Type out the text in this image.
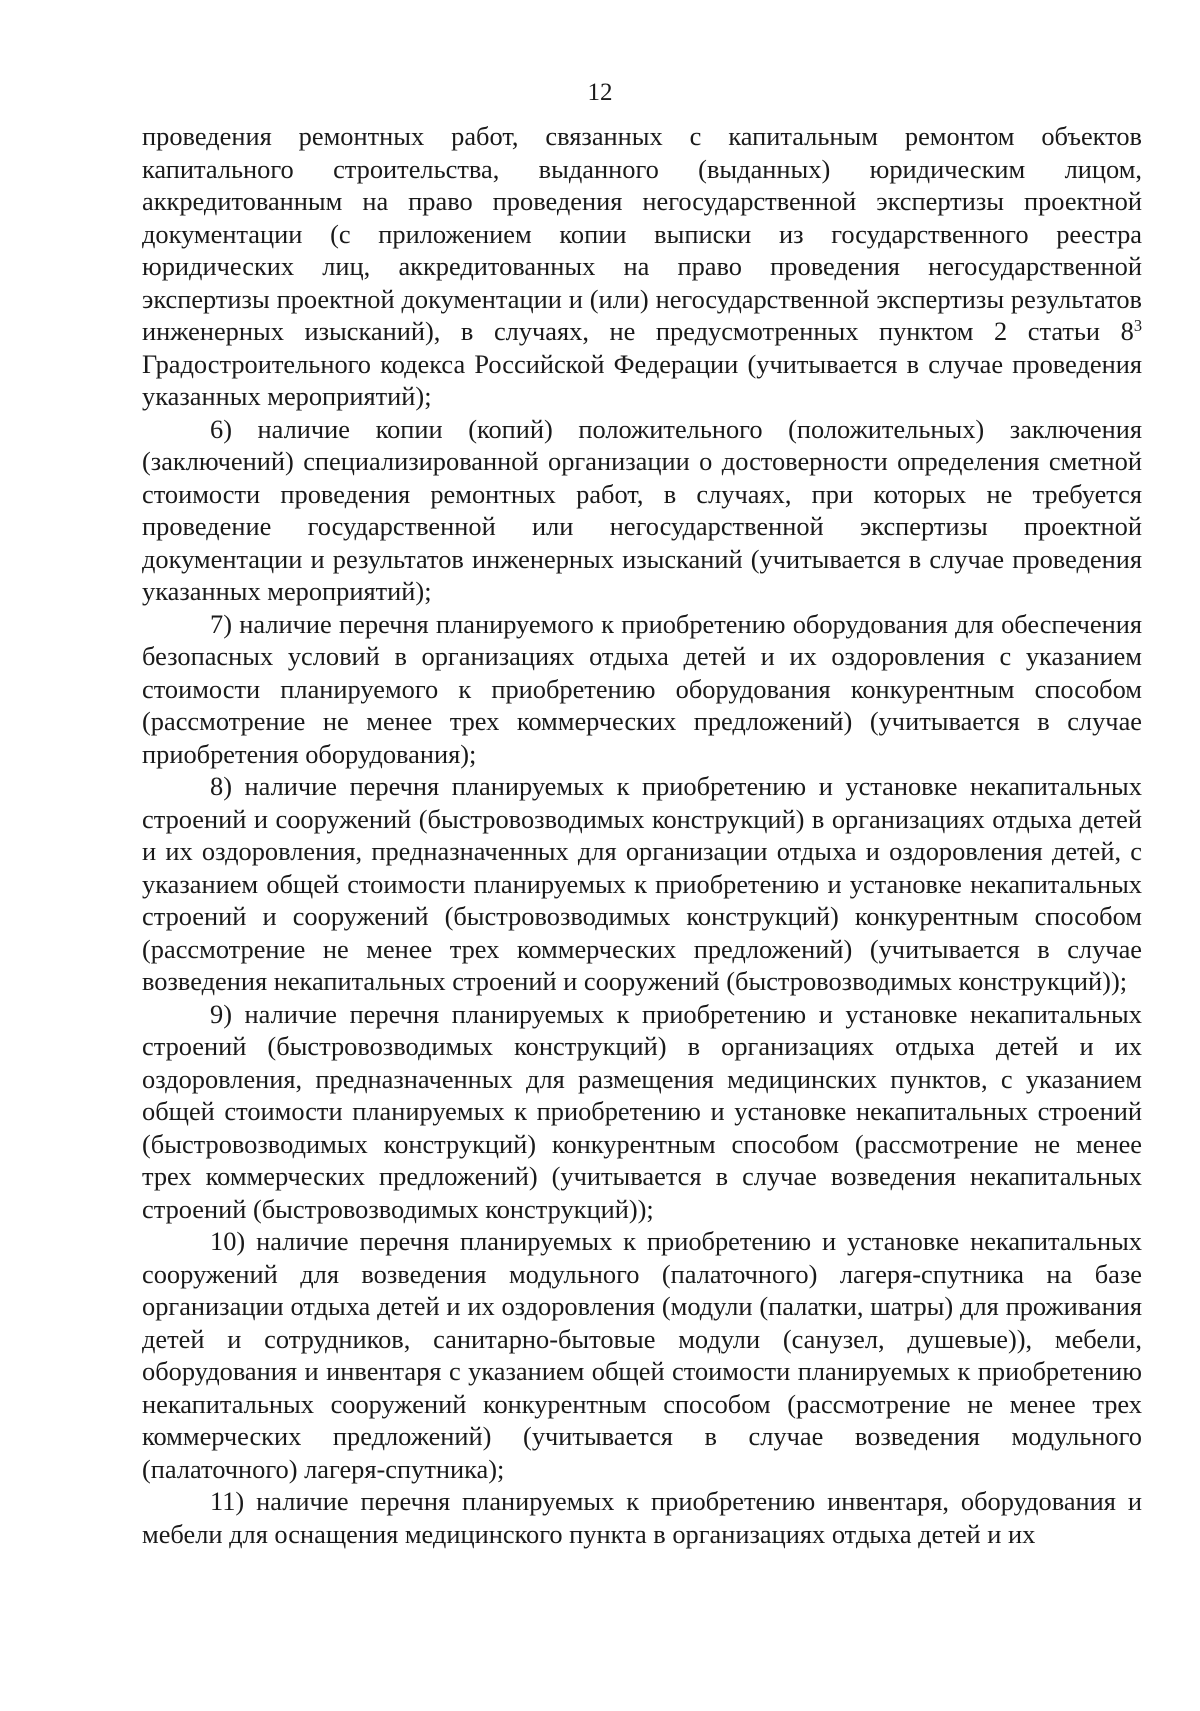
12

проведения ремонтных работ, связанных с капитальным ремонтом объектов капитального строительства, выданного (выданных) юридическим лицом, аккредитованным на право проведения негосударственной экспертизы проектной документации (с приложением копии выписки из государственного реестра юридических лиц, аккредитованных на право проведения негосударственной экспертизы проектной документации и (или) негосударственной экспертизы результатов инженерных изысканий), в случаях, не предусмотренных пунктом 2 статьи $8^3$ Градостроительного кодекса Российской Федерации (учитывается в случае проведения указанных мероприятий);

6) наличие копии (копий) положительного (положительных) заключения (заключений) специализированной организации о достоверности определения сметной стоимости проведения ремонтных работ, в случаях, при которых не требуется проведение государственной или негосударственной экспертизы проектной документации и результатов инженерных изысканий (учитывается в случае проведения указанных мероприятий);

7) наличие перечня планируемого к приобретению оборудования для обеспечения безопасных условий в организациях отдыха детей и их оздоровления с указанием стоимости планируемого к приобретению оборудования конкурентным способом (рассмотрение не менее трех коммерческих предложений) (учитывается в случае приобретения оборудования);

8) наличие перечня планируемых к приобретению и установке некапитальных строений и сооружений (быстровозводимых конструкций) в организациях отдыха детей и их оздоровления, предназначенных для организации отдыха и оздоровления детей, с указанием общей стоимости планируемых к приобретению и установке некапитальных строений и сооружений (быстровозводимых конструкций) конкурентным способом (рассмотрение не менее трех коммерческих предложений) (учитывается в случае возведения некапитальных строений и сооружений (быстровозводимых конструкций));

9) наличие перечня планируемых к приобретению и установке некапитальных строений (быстровозводимых конструкций) в организациях отдыха детей и их оздоровления, предназначенных для размещения медицинских пунктов, с указанием общей стоимости планируемых к приобретению и установке некапитальных строений (быстровозводимых конструкций) конкурентным способом (рассмотрение не менее трех коммерческих предложений) (учитывается в случае возведения некапитальных строений (быстровозводимых конструкций));

10) наличие перечня планируемых к приобретению и установке некапитальных сооружений для возведения модульного (палаточного) лагеря-спутника на базе организации отдыха детей и их оздоровления (модули (палатки, шатры) для проживания детей и сотрудников, санитарно-бытовые модули (санузел, душевые)), мебели, оборудования и инвентаря с указанием общей стоимости планируемых к приобретению некапитальных сооружений конкурентным способом (рассмотрение не менее трех коммерческих предложений) (учитывается в случае возведения модульного (палаточного) лагеря-спутника);

11) наличие перечня планируемых к приобретению инвентаря, оборудования и мебели для оснащения медицинского пункта в организациях отдыха детей и их
